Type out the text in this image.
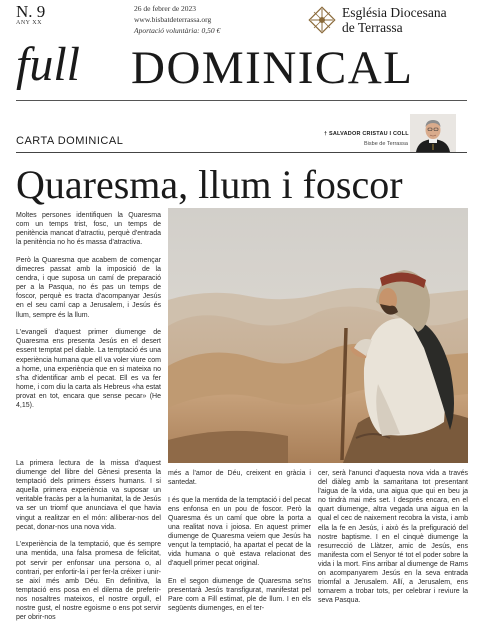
N. 9
ANY XX
26 de febrer de 2023
www.bisbatdeterrassa.org
Aportació voluntària: 0,50 €
Església Diocesana
de Terrassa
full DOMINICAL
CARTA DOMINICAL
† SALVADOR CRISTAU I COLL
Bisbe de Terrassa
Quaresma, llum i foscor

Moltes persones identifiquen la Quaresma com un temps trist, fosc, un temps de penitència mancat d'atractiu, perquè d'entrada la penitència no ho és massa d'atractiva.

Però la Quaresma que acabem de començar dimecres passat amb la imposició de la cendra, i que suposa un camí de preparació per a la Pasqua, no és pas un temps de foscor, perquè es tracta d'acompanyar Jesús en el seu camí cap a Jerusalem, i Jesús és llum, sempre és la llum.

L'evangeli d'aquest primer diumenge de Quaresma ens presenta Jesús en el desert essent temptat pel diable. La temptació és una experiència humana que ell va voler viure com a home, una experiència que en si mateixa no s'ha d'identificar amb el pecat. Ell es va fer home, i com diu la carta als Hebreus «ha estat provat en tot, encara que sense pecar» (He 4,15).

La primera lectura de la missa d'aquest diumenge del llibre del Gènesi presenta la temptació dels primers éssers humans. I si aquella primera experiència va suposar un veritable fracàs per a la humanitat, la de Jesús va ser un triomf que anunciava el que havia vingut a realitzar en el món: alliberar-nos del pecat, donar-nos una nova vida.

L'experiència de la temptació, que és sempre una mentida, una falsa promesa de felicitat, pot servir per enfonsar una persona o, al contrari, per enfortir-la i per fer-la créixer i unir-se així més amb Déu. En definitiva, la temptació ens posa en el dilema de preferir-nos nosaltres mateixos, el nostre orgull, el nostre gust, el nostre egoisme o ens pot servir per obrir-nos

més a l'amor de Déu, creixent en gràcia i santedat.

I és que la mentida de la temptació i del pecat ens enfonsa en un pou de foscor. Però la Quaresma és un camí que obre la porta a una realitat nova i joiosa. En aquest primer diumenge de Quaresma veiem que Jesús ha vençut la temptació, ha apartat el pecat de la vida humana o què estava relacionat des d'aquell primer pecat original.

En el segon diumenge de Quaresma se'ns presentarà Jesús transfigurat, manifestat pel Pare com a Fill estimat, ple de llum. I en els següents diumenges, en el ter-

cer, serà l'anunci d'aquesta nova vida a través del diàleg amb la samaritana tot presentant l'aigua de la vida, una aigua que qui en beu ja no tindrà mai més set. I després encara, en el quart diumenge, altra vegada una aigua en la qual el cec de naixement recobra la vista, i amb ella la fe en Jesús, i això és la prefiguració del nostre baptisme. I en el cinquè diumenge la resurrecció de Llàtzer, amic de Jesús, ens manifesta com el Senyor té tot el poder sobre la vida i la mort. Fins arribar al diumenge de Rams on acompanyarem Jesús en la seva entrada triomfal a Jerusalem. Allí, a Jerusalem, ens tornarem a trobar tots, per celebrar i reviure la seva Pasqua.
